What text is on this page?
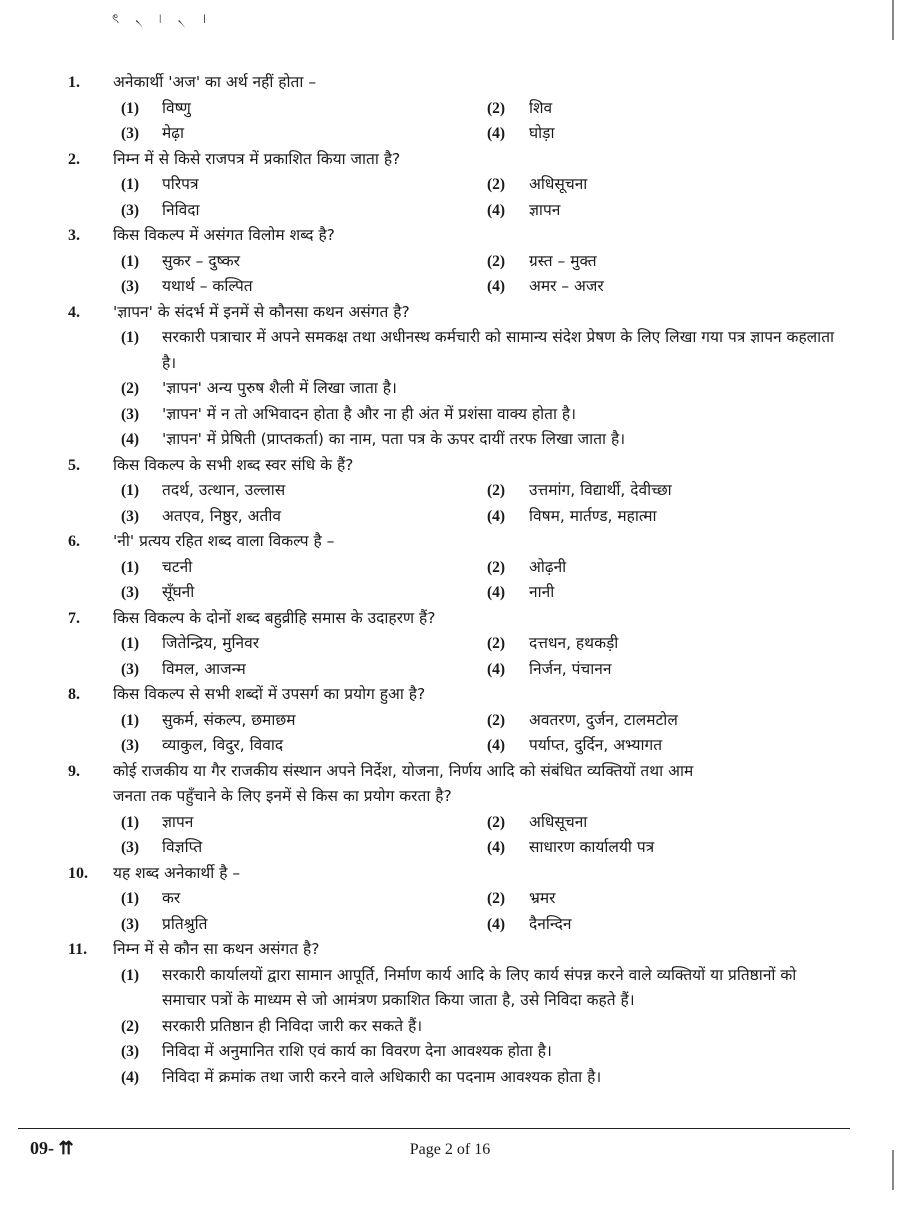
ৎ ৲ ৷ ৲ ।
1.	अनेकार्थी 'अज' का अर्थ नहीं होता –
(1) विष्णु	(2) शिव
(3) मेढ़ा	(4) घोड़ा
2.	निम्न में से किसे राजपत्र में प्रकाशित किया जाता है?
(1) परिपत्र	(2) अधिसूचना
(3) निविदा	(4) ज्ञापन
3.	किस विकल्प में असंगत विलोम शब्द है?
(1) सुकर – दुष्कर	(2) ग्रस्त – मुक्त
(3) यथार्थ – कल्पित	(4) अमर – अजर
4.	'ज्ञापन' के संदर्भ में इनमें से कौनसा कथन असंगत है?
(1) सरकारी पत्राचार में अपने समकक्ष तथा अधीनस्थ कर्मचारी को सामान्य संदेश प्रेषण के लिए लिखा गया पत्र ज्ञापन कहलाता है।
(2) 'ज्ञापन' अन्य पुरुष शैली में लिखा जाता है।
(3) 'ज्ञापन' में न तो अभिवादन होता है और ना ही अंत में प्रशंसा वाक्य होता है।
(4) 'ज्ञापन' में प्रेषिती (प्राप्तकर्ता) का नाम, पता पत्र के ऊपर दायीं तरफ लिखा जाता है।
5.	किस विकल्प के सभी शब्द स्वर संधि के हैं?
(1) तदर्थ, उत्थान, उल्लास	(2) उत्तमांग, विद्यार्थी, देवीच्छा
(3) अतएव, निष्ठुर, अतीव	(4) विषम, मार्तण्ड, महात्मा
6.	'नी' प्रत्यय रहित शब्द वाला विकल्प है –
(1) चटनी	(2) ओढ़नी
(3) सूँघनी	(4) नानी
7.	किस विकल्प के दोनों शब्द बहुव्रीहि समास के उदाहरण हैं?
(1) जितेन्द्रिय, मुनिवर	(2) दत्तधन, हथकड़ी
(3) विमल, आजन्म	(4) निर्जन, पंचानन
8.	किस विकल्प से सभी शब्दों में उपसर्ग का प्रयोग हुआ है?
(1) सुकर्म, संकल्प, छमाछम	(2) अवतरण, दुर्जन, टालमटोल
(3) व्याकुल, विदुर, विवाद	(4) पर्याप्त, दुर्दिन, अभ्यागत
9.	कोई राजकीय या गैर राजकीय संस्थान अपने निर्देश, योजना, निर्णय आदि को संबंधित व्यक्तियों तथा आम
जनता तक पहुँचाने के लिए इनमें से किस का प्रयोग करता है?
(1) ज्ञापन	(2) अधिसूचना
(3) विज्ञप्ति	(4) साधारण कार्यालयी पत्र
10.	यह शब्द अनेकार्थी है –
(1) कर	(2) भ्रमर
(3) प्रतिश्रुति	(4) दैनन्दिन
11.	निम्न में से कौन सा कथन असंगत है?
(1) सरकारी कार्यालयों द्वारा सामान आपूर्ति, निर्माण कार्य आदि के लिए कार्य संपन्न करने वाले व्यक्तियों या प्रतिष्ठानों को समाचार पत्रों के माध्यम से जो आमंत्रण प्रकाशित किया जाता है, उसे निविदा कहते हैं।
(2) सरकारी प्रतिष्ठान ही निविदा जारी कर सकते हैं।
(3) निविदा में अनुमानित राशि एवं कार्य का विवरण देना आवश्यक होता है।
(4) निविदा में क्रमांक तथा जारी करने वाले अधिकारी का पदनाम आवश्यक होता है।
09- ⇈	Page 2 of 16
